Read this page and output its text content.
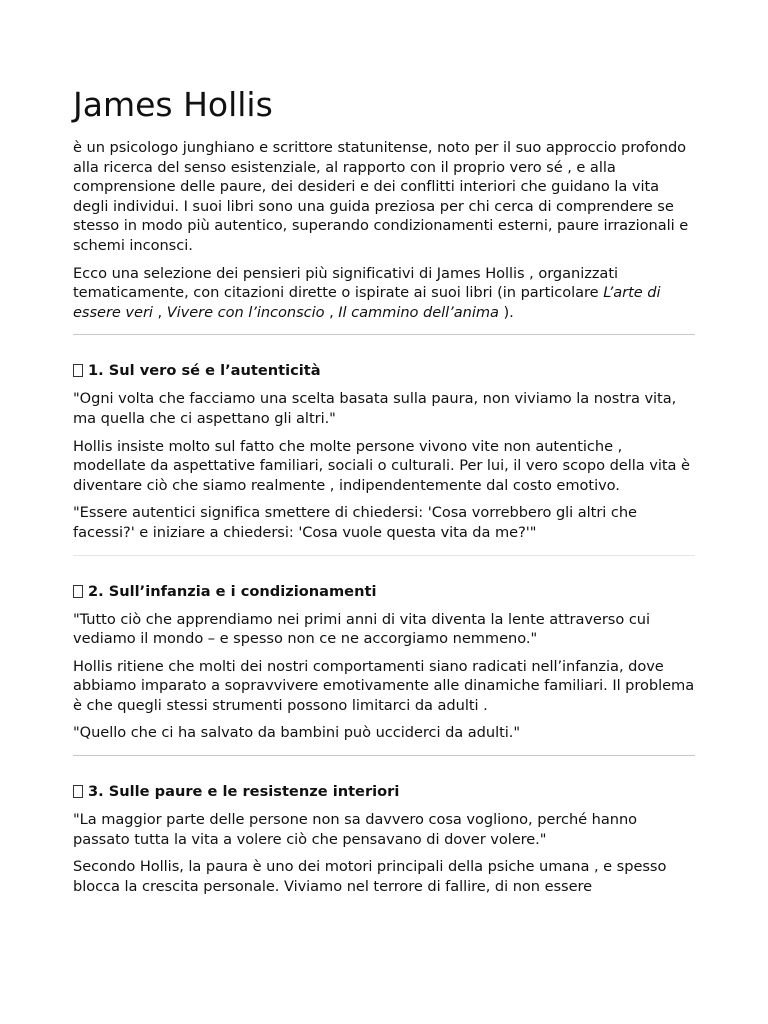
James Hollis

è un psicologo junghiano e scrittore statunitense, noto per il suo approccio profondo alla ricerca del senso esistenziale, al rapporto con il proprio vero sé , e alla comprensione delle paure, dei desideri e dei conflitti interiori che guidano la vita degli individui. I suoi libri sono una guida preziosa per chi cerca di comprendere se stesso in modo più autentico, superando condizionamenti esterni, paure irrazionali e schemi inconsci.

Ecco una selezione dei pensieri più significativi di James Hollis , organizzati tematicamente, con citazioni dirette o ispirate ai suoi libri (in particolare L’arte di essere veri , Vivere con l’inconscio , Il cammino dell’anima ).

1. Sul vero sé e l’autenticità

"Ogni volta che facciamo una scelta basata sulla paura, non viviamo la nostra vita, ma quella che ci aspettano gli altri."

Hollis insiste molto sul fatto che molte persone vivono vite non autentiche , modellate da aspettative familiari, sociali o culturali. Per lui, il vero scopo della vita è diventare ciò che siamo realmente , indipendentemente dal costo emotivo.

"Essere autentici significa smettere di chiedersi: 'Cosa vorrebbero gli altri che facessi?' e iniziare a chiedersi: 'Cosa vuole questa vita da me?'"

2. Sull’infanzia e i condizionamenti

"Tutto ciò che apprendiamo nei primi anni di vita diventa la lente attraverso cui vediamo il mondo – e spesso non ce ne accorgiamo nemmeno."

Hollis ritiene che molti dei nostri comportamenti siano radicati nell’infanzia, dove abbiamo imparato a sopravvivere emotivamente alle dinamiche familiari. Il problema è che quegli stessi strumenti possono limitarci da adulti .

"Quello che ci ha salvato da bambini può ucciderci da adulti."

3. Sulle paure e le resistenze interiori

"La maggior parte delle persone non sa davvero cosa vogliono, perché hanno passato tutta la vita a volere ciò che pensavano di dover volere."

Secondo Hollis, la paura è uno dei motori principali della psiche umana , e spesso blocca la crescita personale. Viviamo nel terrore di fallire, di non essere
